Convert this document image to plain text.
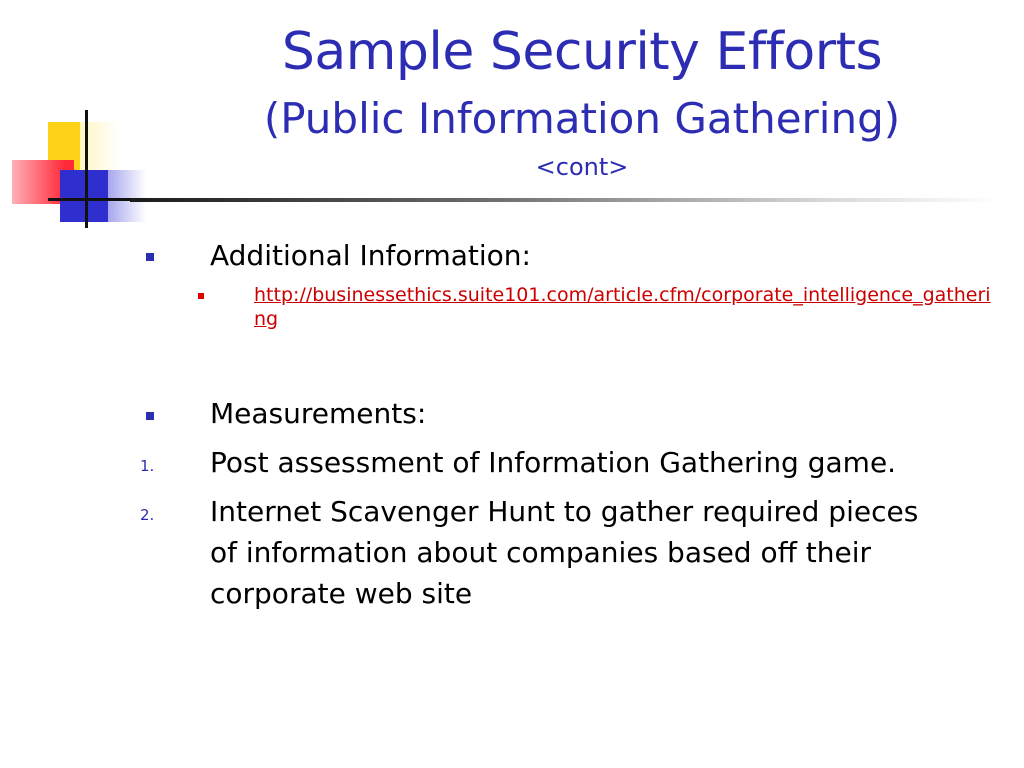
Sample Security Efforts
(Public Information Gathering)
<cont>
Additional Information:
http://businessethics.suite101.com/article.cfm/corporate_intelligence_gathering
Measurements:
1. Post assessment of Information Gathering game.
2. Internet Scavenger Hunt to gather required pieces
of information about companies based off their
corporate web site
